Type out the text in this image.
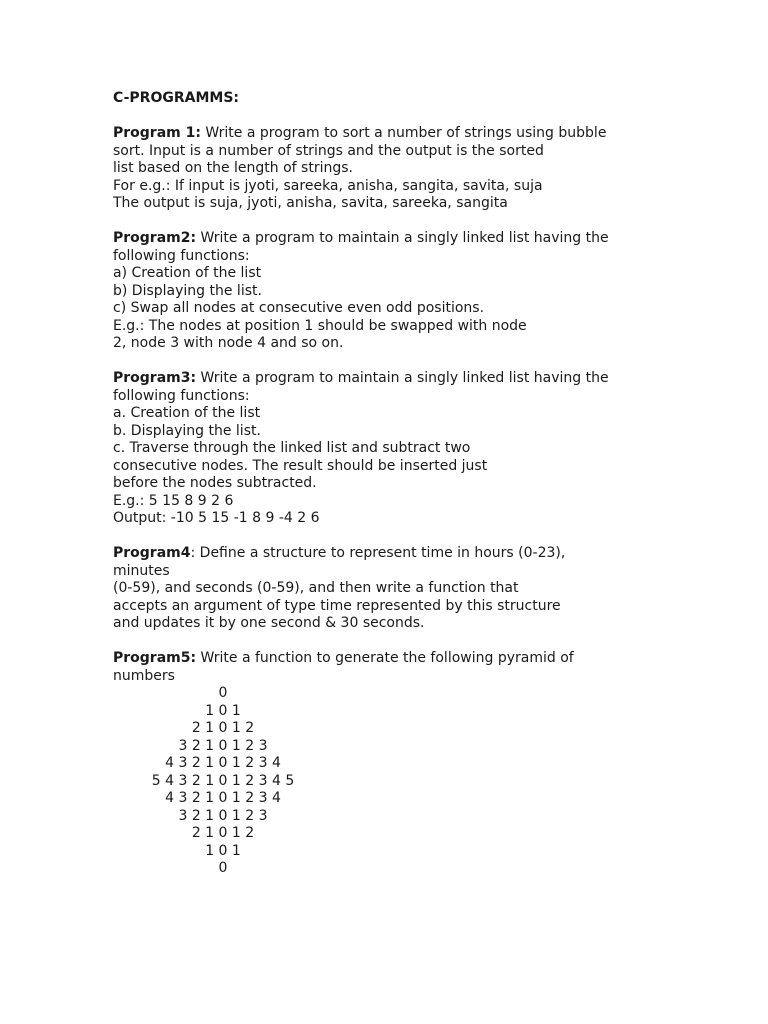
C-PROGRAMMS:
Program 1: Write a program to sort a number of strings using bubble
sort. Input is a number of strings and the output is the sorted
list based on the length of strings.
For e.g.: If input is jyoti, sareeka, anisha, sangita, savita, suja
The output is suja, jyoti, anisha, savita, sareeka, sangita
Program2: Write a program to maintain a singly linked list having the
following functions:
a) Creation of the list
b) Displaying the list.
c) Swap all nodes at consecutive even odd positions.
E.g.: The nodes at position 1 should be swapped with node
2, node 3 with node 4 and so on.
Program3: Write a program to maintain a singly linked list having the
following functions:
a. Creation of the list
b. Displaying the list.
c. Traverse through the linked list and subtract two
consecutive nodes. The result should be inserted just
before the nodes subtracted.
E.g.: 5 15 8 9 2 6
Output: -10 5 15 -1 8 9 -4 2 6
Program4: Define a structure to represent time in hours (0-23),
minutes
(0-59), and seconds (0-59), and then write a function that
accepts an argument of type time represented by this structure
and updates it by one second & 30 seconds.
Program5: Write a function to generate the following pyramid of
numbers
0
1 0 1
2 1 0 1 2
3 2 1 0 1 2 3
4 3 2 1 0 1 2 3 4
5 4 3 2 1 0 1 2 3 4 5
4 3 2 1 0 1 2 3 4
3 2 1 0 1 2 3
2 1 0 1 2
1 0 1
0
